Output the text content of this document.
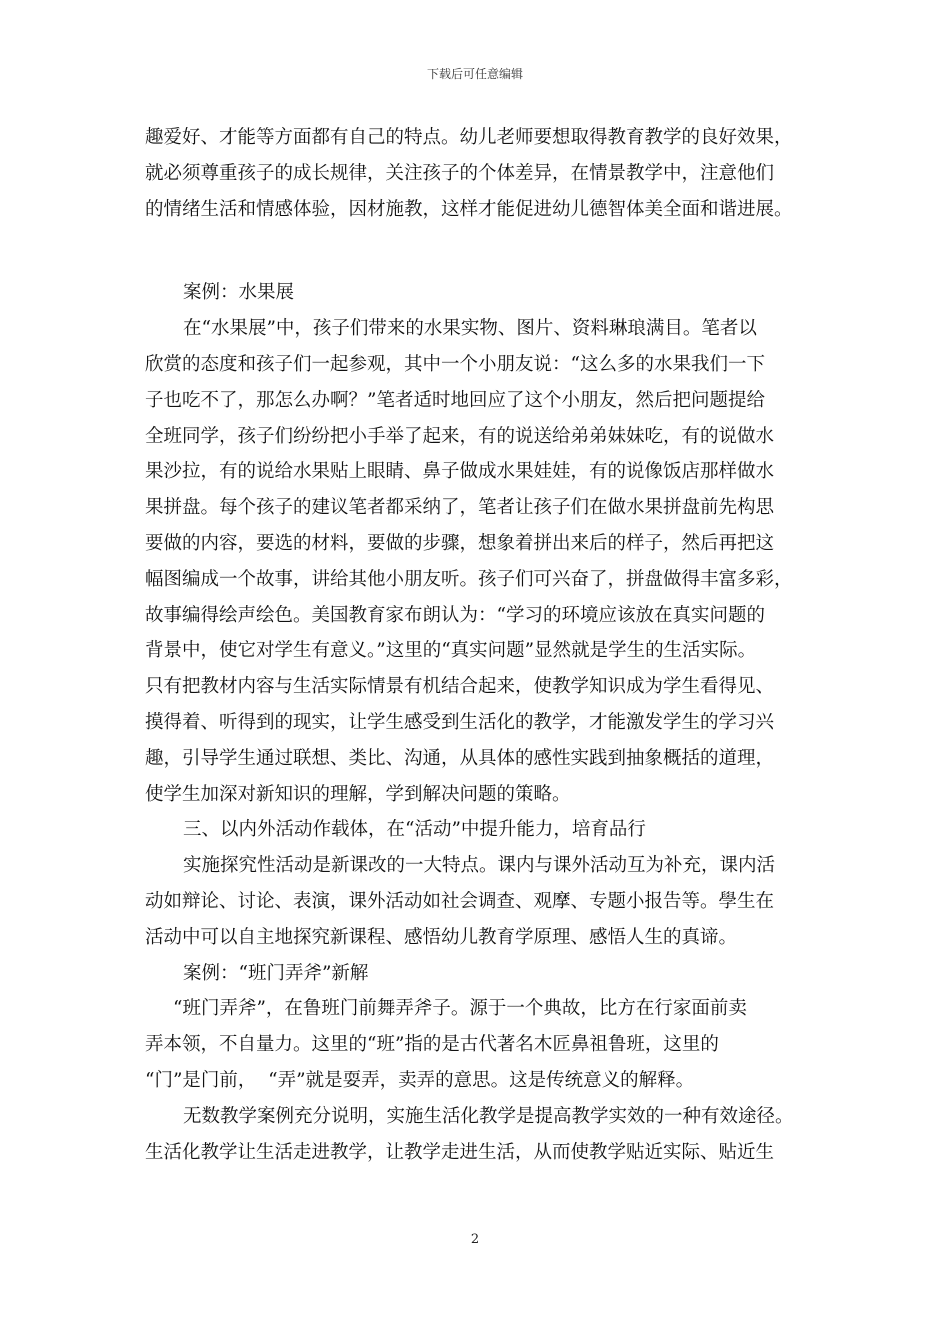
下载后可任意编辑
趣爱好、才能等方面都有自己的特点。幼儿老师要想取得教育教学的良好效果，
就必须尊重孩子的成长规律，关注孩子的个体差异，在情景教学中，注意他们
的情绪生活和情感体验，因材施教，这样才能促进幼儿德智体美全面和谐进展。
案例：水果展
在“水果展”中，孩子们带来的水果实物、图片、资料琳琅满目。笔者以
欣赏的态度和孩子们一起参观，其中一个小朋友说：“这么多的水果我们一下
子也吃不了，那怎么办啊？”笔者适时地回应了这个小朋友，然后把问题提给
全班同学，孩子们纷纷把小手举了起来，有的说送给弟弟妹妹吃，有的说做水
果沙拉，有的说给水果贴上眼睛、鼻子做成水果娃娃，有的说像饭店那样做水
果拼盘。每个孩子的建议笔者都采纳了，笔者让孩子们在做水果拼盘前先构思
要做的内容，要选的材料，要做的步骤，想象着拼出来后的样子，然后再把这
幅图编成一个故事，讲给其他小朋友听。孩子们可兴奋了，拼盘做得丰富多彩，
故事编得绘声绘色。美国教育家布朗认为：“学习的环境应该放在真实问题的
背景中，使它对学生有意义。”这里的“真实问题”显然就是学生的生活实际。
只有把教材内容与生活实际情景有机结合起来，使教学知识成为学生看得见、
摸得着、听得到的现实，让学生感受到生活化的教学，才能激发学生的学习兴
趣，引导学生通过联想、类比、沟通，从具体的感性实践到抽象概括的道理，
使学生加深对新知识的理解，学到解决问题的策略。
三、以内外活动作载体，在“活动”中提升能力，培育品行
实施探究性活动是新课改的一大特点。课内与课外活动互为补充，课内活
动如辩论、讨论、表演，课外活动如社会调查、观摩、专题小报告等。學生在
活动中可以自主地探究新课程、感悟幼儿教育学原理、感悟人生的真谛。
案例：“班门弄斧”新解
“班门弄斧”，在鲁班门前舞弄斧子。源于一个典故，比方在行家面前卖
弄本领，不自量力。这里的“班”指的是古代著名木匠鼻祖鲁班，这里的
“门”是门前，  “弄”就是耍弄，卖弄的意思。这是传统意义的解释。
无数教学案例充分说明，实施生活化教学是提高教学实效的一种有效途径。
生活化教学让生活走进教学，让教学走进生活，从而使教学贴近实际、贴近生
2
